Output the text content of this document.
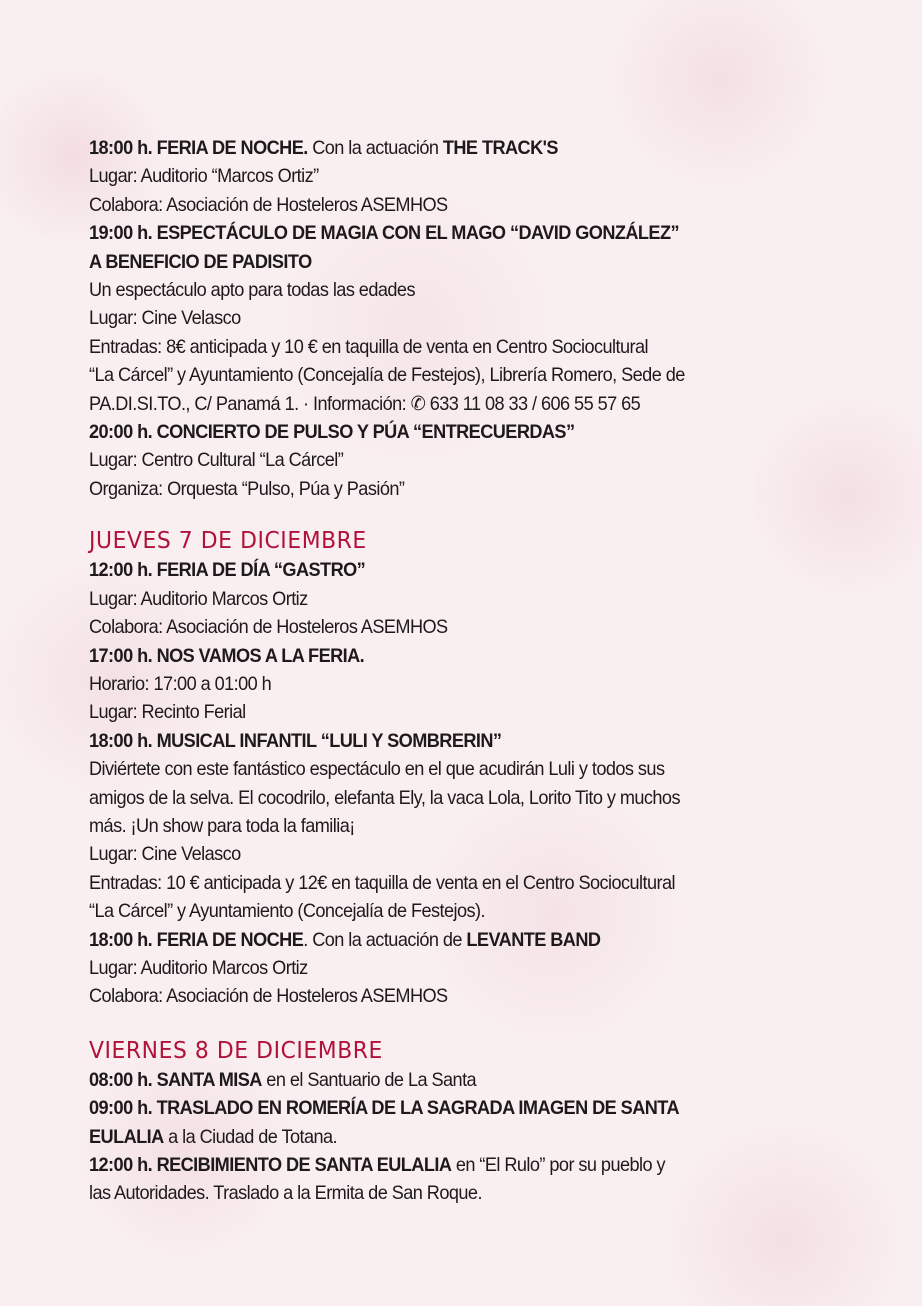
18:00 h. FERIA DE NOCHE. Con la actuación THE TRACK'S
Lugar: Auditorio “Marcos Ortiz”
Colabora: Asociación de Hosteleros ASEMHOS
19:00 h. ESPECTÁCULO DE MAGIA CON EL MAGO “DAVID GONZÁLEZ”
A BENEFICIO DE PADISITO
Un espectáculo apto para todas las edades
Lugar: Cine Velasco
Entradas: 8€ anticipada y 10 € en taquilla de venta en Centro Sociocultural
“La Cárcel” y Ayuntamiento (Concejalía de Festejos), Librería Romero, Sede de
PA.DI.SI.TO., C/ Panamá 1. · Información: ✆ 633 11 08 33 / 606 55 57 65
20:00 h. CONCIERTO DE PULSO Y PÚA “ENTRECUERDAS”
Lugar: Centro Cultural “La Cárcel”
Organiza: Orquesta “Pulso, Púa y Pasión”
JUEVES 7 DE DICIEMBRE
12:00 h. FERIA DE DÍA “GASTRO”
Lugar: Auditorio Marcos Ortiz
Colabora: Asociación de Hosteleros ASEMHOS
17:00 h. NOS VAMOS A LA FERIA.
Horario: 17:00 a 01:00 h
Lugar: Recinto Ferial
18:00 h. MUSICAL INFANTIL “LULI Y SOMBRERIN”
Diviértete con este fantástico espectáculo en el que acudirán Luli y todos sus
amigos de la selva. El cocodrilo, elefanta Ely, la vaca Lola, Lorito Tito y muchos
más. ¡Un show para toda la familia¡
Lugar: Cine Velasco
Entradas: 10 € anticipada y 12€ en taquilla de venta en el Centro Sociocultural
“La Cárcel” y Ayuntamiento (Concejalía de Festejos).
18:00 h. FERIA DE NOCHE. Con la actuación de LEVANTE BAND
Lugar: Auditorio Marcos Ortiz
Colabora: Asociación de Hosteleros ASEMHOS
VIERNES 8 DE DICIEMBRE
08:00 h. SANTA MISA en el Santuario de La Santa
09:00 h. TRASLADO EN ROMERÍA DE LA SAGRADA IMAGEN DE SANTA
EULALIA a la Ciudad de Totana.
12:00 h. RECIBIMIENTO DE SANTA EULALIA en “El Rulo” por su pueblo y
las Autoridades. Traslado a la Ermita de San Roque.
